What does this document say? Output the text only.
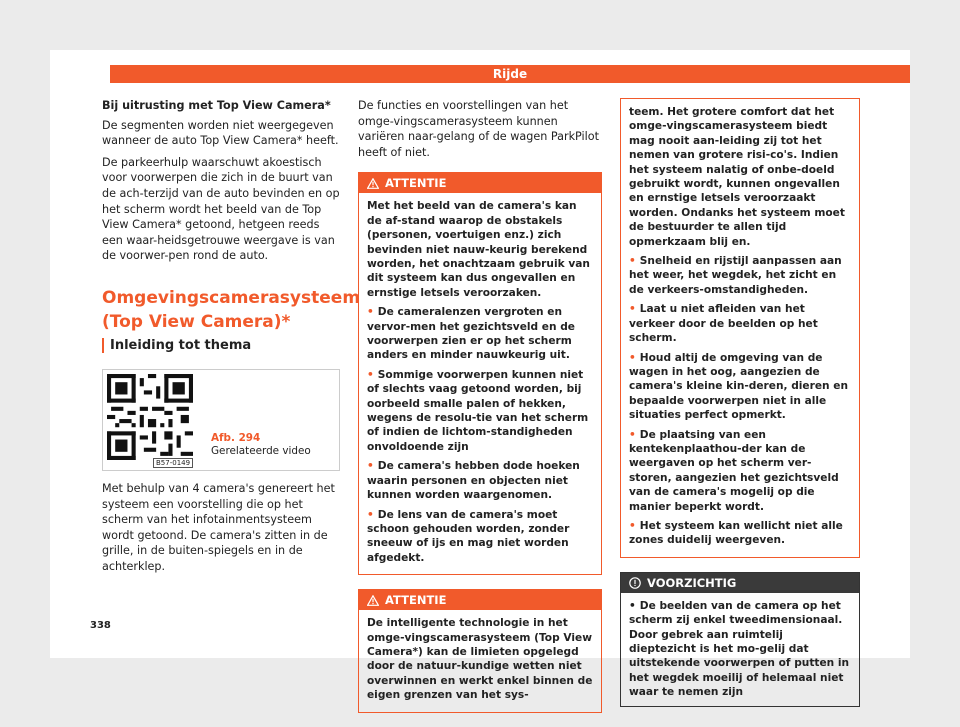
Rijde

Bij uitrusting met Top View Camera*

De segmenten worden niet weergegeven wanneer de auto Top View Camera* heeft.

De parkeerhulp waarschuwt akoestisch voor voorwerpen die zich in de buurt van de ach-terzijd van de auto bevinden en op het scherm wordt het beeld van de Top View Camera* getoond, hetgeen reeds een waar-heidsgetrouwe weergave is van de voorwer-pen rond de auto.

Omgevingscamerasysteem (Top View Camera)*
Inleiding tot thema
B57-0149
Afb. 294 Gerelateerde video

Met behulp van 4 camera's genereert het systeem een voorstelling die op het scherm van het infotainmentsysteem wordt getoond. De camera's zitten in de grille, in de buiten-spiegels en in de achterklep.

De functies en voorstellingen van het omge-vingscamerasysteem kunnen variëren naar-gelang of de wagen ParkPilot heeft of niet.

ATTENTIE

Met het beeld van de camera's kan de af-stand waarop de obstakels (personen, voertuigen enz.) zich bevinden niet nauw-keurig berekend worden, het onachtzaam gebruik van dit systeem kan dus ongevallen en ernstige letsels veroorzaken.

• De cameralenzen vergroten en vervor-men het gezichtsveld en de voorwerpen zien er op het scherm anders en minder nauwkeurig uit.

• Sommige voorwerpen kunnen niet of slechts vaag getoond worden, bij oorbeeld smalle palen of hekken, wegens de resolu-tie van het scherm of indien de lichtom-standigheden onvoldoende zijn

• De camera's hebben dode hoeken waarin personen en objecten niet kunnen worden waargenomen.

• De lens van de camera's moet schoon gehouden worden, zonder sneeuw of ijs en mag niet worden afgedekt.

ATTENTIE

De intelligente technologie in het omge-vingscamerasysteem (Top View Camera*) kan de limieten opgelegd door de natuur-kundige wetten niet overwinnen en werkt enkel binnen de eigen grenzen van het sys-

teem. Het grotere comfort dat het omge-vingscamerasysteem biedt mag nooit aan-leiding zij tot het nemen van grotere risi-co's. Indien het systeem nalatig of onbe-doeld gebruikt wordt, kunnen ongevallen en ernstige letsels veroorzaakt worden. Ondanks het systeem moet de bestuurder te allen tijd opmerkzaam blij en.

• Snelheid en rijstijl aanpassen aan het weer, het wegdek, het zicht en de verkeers-omstandigheden.

• Laat u niet afleiden van het verkeer door de beelden op het scherm.

• Houd altij de omgeving van de wagen in het oog, aangezien de camera's kleine kin-deren, dieren en bepaalde voorwerpen niet in alle situaties perfect opmerkt.

• De plaatsing van een kentekenplaathou-der kan de weergaven op het scherm ver-storen, aangezien het gezichtsveld van de camera's mogelij op die manier beperkt wordt.

• Het systeem kan wellicht niet alle zones duidelij weergeven.

VOORZICHTIG

• De beelden van de camera op het scherm zij enkel tweedimensionaal. Door gebrek aan ruimtelij dieptezicht is het mo-gelij dat uitstekende voorwerpen of putten in het wegdek moeilij of helemaal niet waar te nemen zijn

338
